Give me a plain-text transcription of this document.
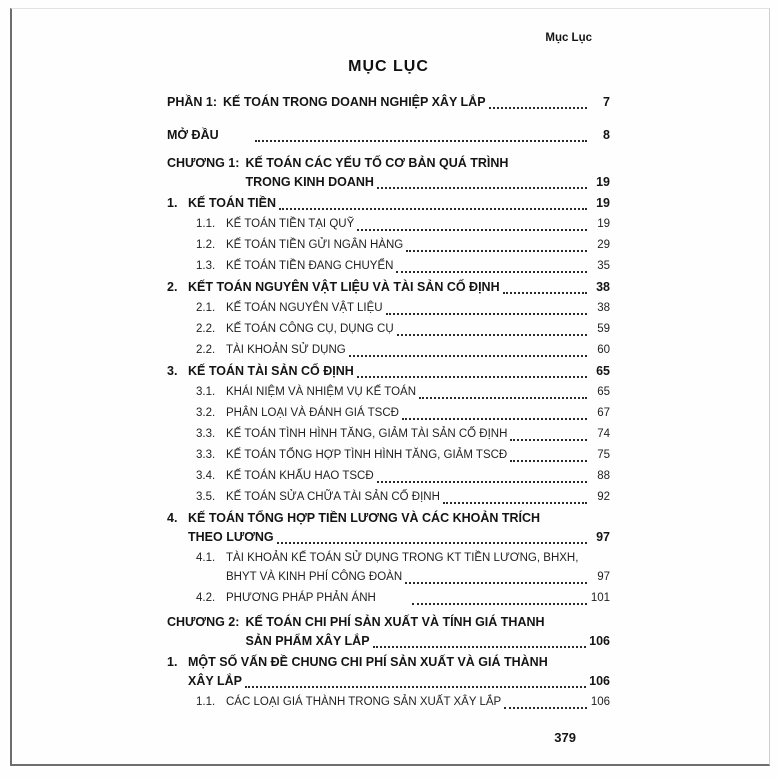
Mục Lục
MỤC LỤC
PHẦN 1: KẾ TOÁN TRONG DOANH NGHIỆP XÂY LẮP	7
MỞ ĐẦU	8
CHƯƠNG 1: KẾ TOÁN CÁC YẾU TỐ CƠ BẢN QUÁ TRÌNH
TRONG KINH DOANH	19
1. KẾ TOÁN TIỀN	19
1.1. KẾ TOÁN TIỀN TẠI QUỸ	19
1.2. KẾ TOÁN TIỀN GỬI NGÂN HÀNG	29
1.3. KẾ TOÁN TIỀN ĐANG CHUYỂN	35
2. KẾT TOÁN NGUYÊN VẬT LIỆU VÀ TÀI SẢN CỐ ĐỊNH	38
2.1. KẾ TOÁN NGUYÊN VẬT LIỆU	38
2.2. KẾ TOÁN CÔNG CỤ, DỤNG CỤ	59
2.2. TÀI KHOẢN SỬ DỤNG	60
3. KẾ TOÁN TÀI SẢN CỐ ĐỊNH	65
3.1. KHÁI NIỆM VÀ NHIỆM VỤ KẾ TOÁN	65
3.2. PHÂN LOẠI VÀ ĐÁNH GIÁ TSCĐ	67
3.3. KẾ TOÁN TÌNH HÌNH TĂNG, GIẢM TÀI SẢN CỐ ĐỊNH	74
3.3. KẾ TOÁN TỔNG HỢP TÌNH HÌNH TĂNG, GIẢM TSCĐ	75
3.4. KẾ TOÁN KHẤU HAO TSCĐ	88
3.5. KẾ TOÁN SỬA CHỮA TÀI SẢN CỐ ĐỊNH	92
4. KẾ TOÁN TỔNG HỢP TIỀN LƯƠNG VÀ CÁC KHOẢN TRÍCH
THEO LƯƠNG	97
4.1. TÀI KHOẢN KẾ TOÁN SỬ DỤNG TRONG KT TIỀN LƯƠNG, BHXH,
BHYT VÀ KINH PHÍ CÔNG ĐOÀN	97
4.2. PHƯƠNG PHÁP PHẢN ÁNH	101
CHƯƠNG 2: KẾ TOÁN CHI PHÍ SẢN XUẤT VÀ TÍNH GIÁ THANH
SẢN PHẨM XÂY LẮP	106
1. MỘT SỐ VẤN ĐỀ CHUNG CHI PHÍ SẢN XUẤT VÀ GIÁ THÀNH
XÂY LẮP	106
1.1. CÁC LOẠI GIÁ THÀNH TRONG SẢN XUẤT XÂY LẮP	106
379
